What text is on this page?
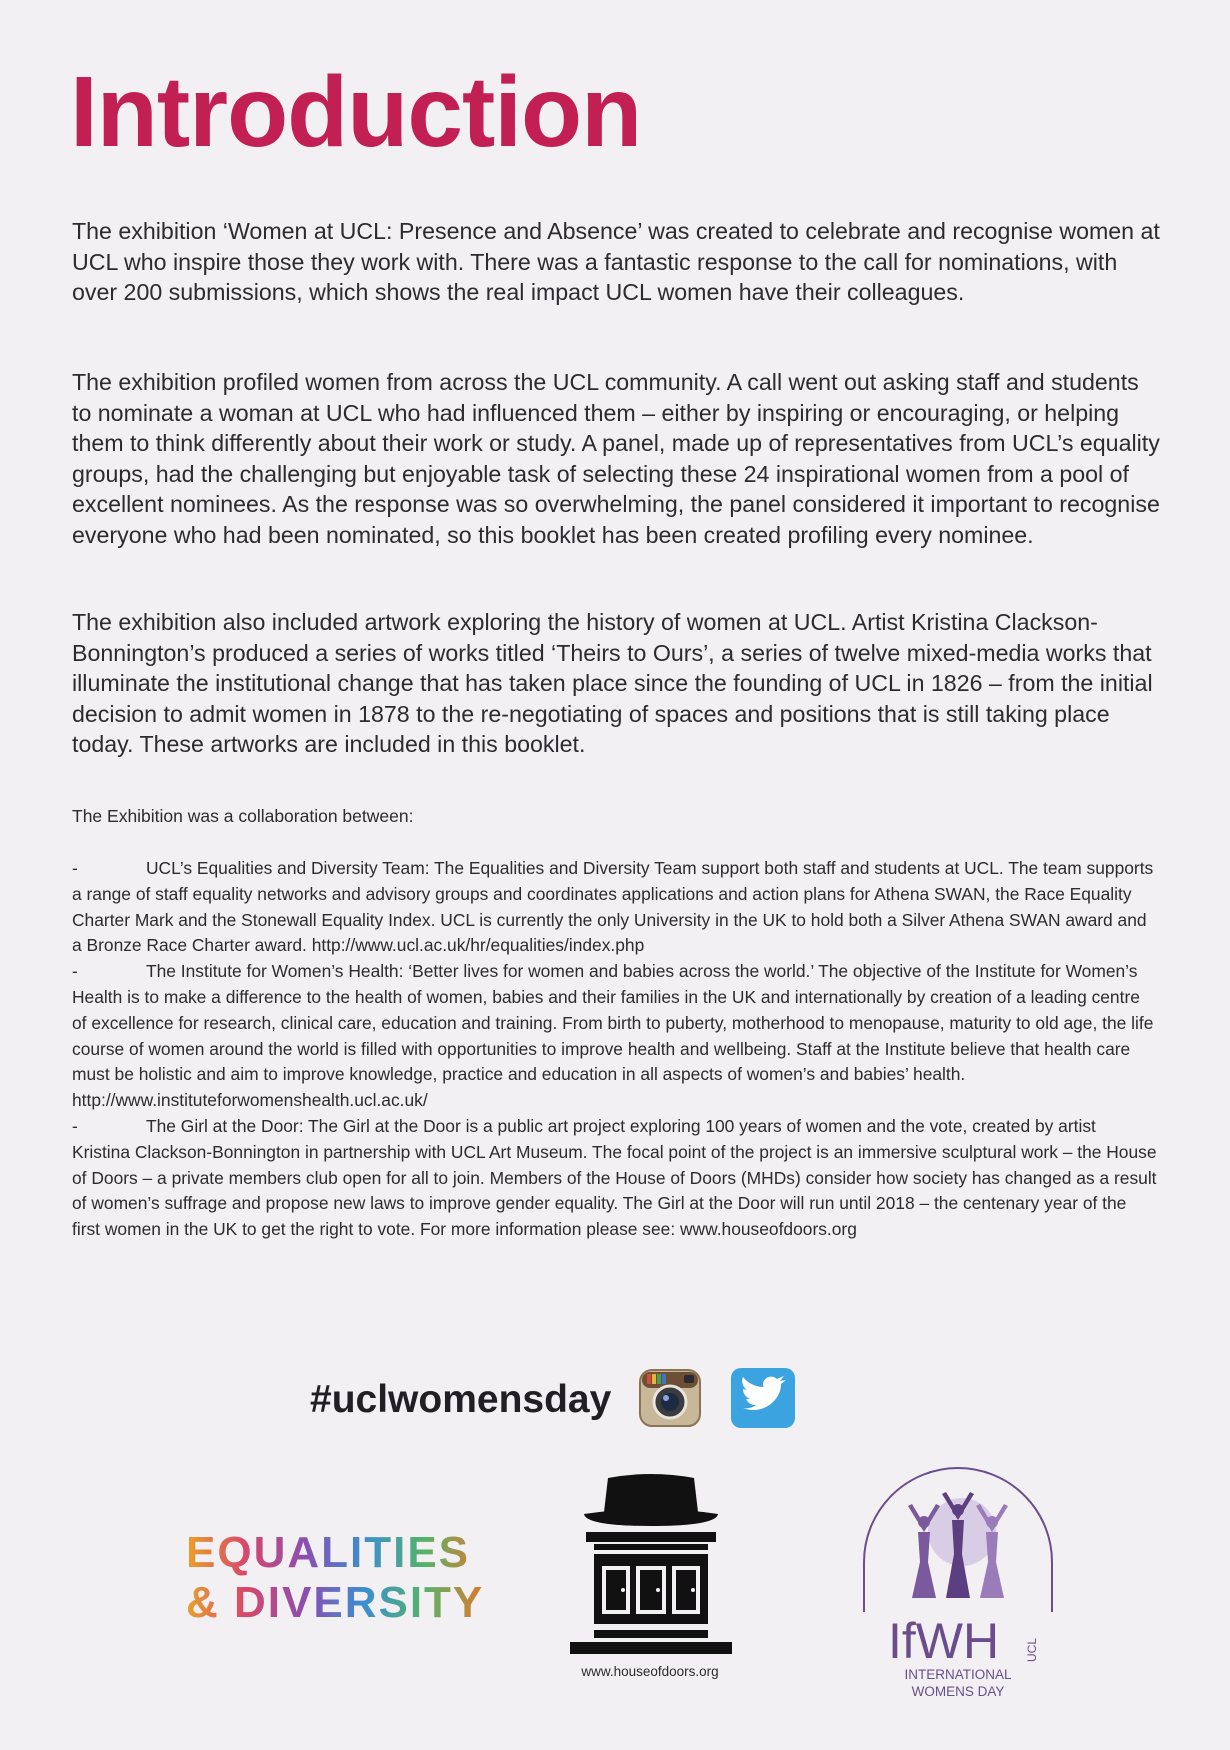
Introduction

The exhibition ‘Women at UCL: Presence and Absence’ was created to celebrate and recognise women at UCL who inspire those they work with. There was a fantastic response to the call for nominations, with over 200 submissions, which shows the real impact UCL women have their colleagues.

The exhibition profiled women from across the UCL community. A call went out asking staff and students to nominate a woman at UCL who had influenced them – either by inspiring or encouraging, or helping them to think differently about their work or study. A panel, made up of representatives from UCL’s equality groups, had the challenging but enjoyable task of selecting these 24 inspirational women from a pool of excellent nominees. As the response was so overwhelming, the panel considered it important to recognise everyone who had been nominated, so this booklet has been created profiling every nominee.

The exhibition also included artwork exploring the history of women at UCL. Artist Kristina Clackson-Bonnington’s produced a series of works titled ‘Theirs to Ours’, a series of twelve mixed-media works that illuminate the institutional change that has taken place since the founding of UCL in 1826 – from the initial decision to admit women in 1878 to the re-negotiating of spaces and positions that is still taking place today. These artworks are included in this booklet.

The Exhibition was a collaboration between:

-	UCL’s Equalities and Diversity Team: The Equalities and Diversity Team support both staff and students at UCL. The team supports a range of staff equality networks and advisory groups and coordinates applications and action plans for Athena SWAN, the Race Equality Charter Mark and the Stonewall Equality Index. UCL is currently the only University in the UK to hold both a Silver Athena SWAN award and a Bronze Race Charter award. http://www.ucl.ac.uk/hr/equalities/index.php
-	The Institute for Women’s Health: ‘Better lives for women and babies across the world.’ The objective of the Institute for Women’s Health is to make a difference to the health of women, babies and their families in the UK and internationally by creation of a leading centre of excellence for research, clinical care, education and training. From birth to puberty, motherhood to menopause, maturity to old age, the life course of women around the world is filled with opportunities to improve health and wellbeing. Staff at the Institute believe that health care must be holistic and aim to improve knowledge, practice and education in all aspects of women’s and babies’ health. http://www.instituteforwomenshealth.ucl.ac.uk/
-	The Girl at the Door: The Girl at the Door is a public art project exploring 100 years of women and the vote, created by artist Kristina Clackson-Bonnington in partnership with UCL Art Museum. The focal point of the project is an immersive sculptural work – the House of Doors – a private members club open for all to join. Members of the House of Doors (MHDs) consider how society has changed as a result of women’s suffrage and propose new laws to improve gender equality. The Girl at the Door will run until 2018 – the centenary year of the first women in the UK to get the right to vote. For more information please see: www.houseofdoors.org
#uclwomensday
EQUALITIES
& DIVERSITY
www.houseofdoors.org
IfWH UCL
INTERNATIONAL WOMENS DAY
